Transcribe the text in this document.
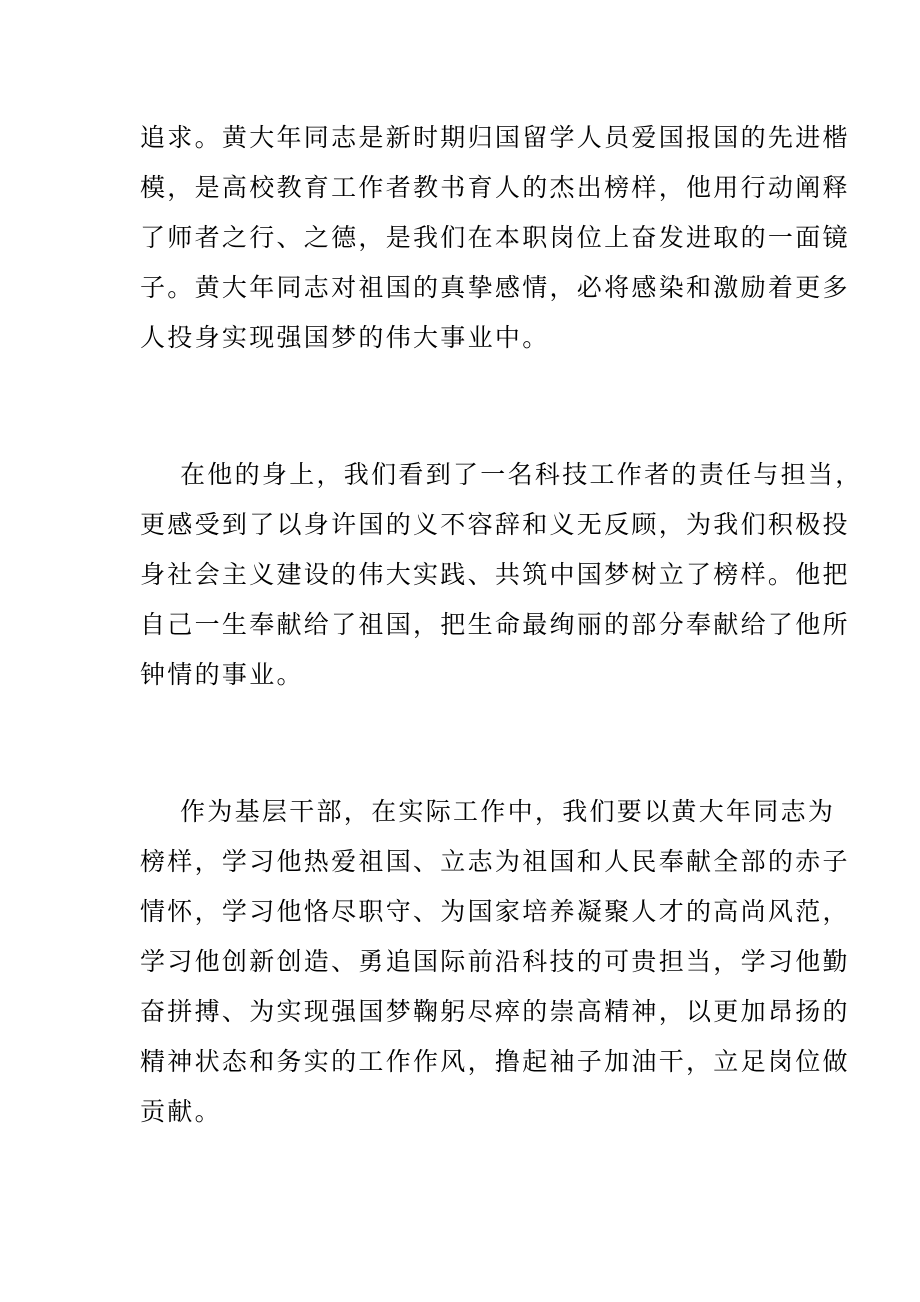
追求。黄大年同志是新时期归国留学人员爱国报国的先进楷
模，是高校教育工作者教书育人的杰出榜样，他用行动阐释
了师者之行、之德，是我们在本职岗位上奋发进取的一面镜
子。黄大年同志对祖国的真挚感情，必将感染和激励着更多
人投身实现强国梦的伟大事业中。
在他的身上，我们看到了一名科技工作者的责任与担当，
更感受到了以身许国的义不容辞和义无反顾，为我们积极投
身社会主义建设的伟大实践、共筑中国梦树立了榜样。他把
自己一生奉献给了祖国，把生命最绚丽的部分奉献给了他所
钟情的事业。
作为基层干部，在实际工作中，我们要以黄大年同志为
榜样，学习他热爱祖国、立志为祖国和人民奉献全部的赤子
情怀，学习他恪尽职守、为国家培养凝聚人才的高尚风范，
学习他创新创造、勇追国际前沿科技的可贵担当，学习他勤
奋拼搏、为实现强国梦鞠躬尽瘁的崇高精神，以更加昂扬的
精神状态和务实的工作作风，撸起袖子加油干，立足岗位做
贡献。
